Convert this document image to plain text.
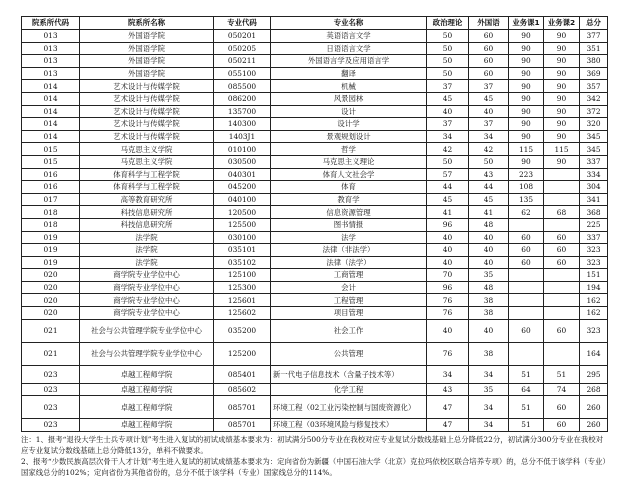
院系所代码	院系所名称	专业代码	专业名称	政治理论	外国语	业务课1	业务课2	总分
013	外国语学院	050201	英语语言文学	50	60	90	90	377
013	外国语学院	050205	日语语言文学	50	60	90	90	351
013	外国语学院	050211	外国语言学及应用语言学	50	60	90	90	380
013	外国语学院	055100	翻译	50	60	90	90	369
014	艺术设计与传媒学院	085500	机械	37	37	90	90	357
014	艺术设计与传媒学院	086200	风景园林	45	45	90	90	342
014	艺术设计与传媒学院	135700	设计	40	40	90	90	372
014	艺术设计与传媒学院	140300	设计学	37	37	90	90	320
014	艺术设计与传媒学院	1403J1	景观规划设计	34	34	90	90	345
015	马克思主义学院	010100	哲学	42	42	115	115	345
015	马克思主义学院	030500	马克思主义理论	50	50	90	90	337
016	体育科学与工程学院	040301	体育人文社会学	57	43	223		334
016	体育科学与工程学院	045200	体育	44	44	108		304
017	高等教育研究所	040100	教育学	45	45	135		341
018	科技信息研究所	120500	信息资源管理	41	41	62	68	368
018	科技信息研究所	125500	图书情报	96	48			225
019	法学院	030100	法学	40	40	60	60	337
019	法学院	035101	法律（非法学）	40	40	60	60	323
019	法学院	035102	法律（法学）	40	40	60	60	323
020	商学院专业学位中心	125100	工商管理	70	35			151
020	商学院专业学位中心	125300	会计	96	48			194
020	商学院专业学位中心	125601	工程管理	76	38			162
020	商学院专业学位中心	125602	项目管理	76	38			162
021	社会与公共管理学院专业学位中心	035200	社会工作	40	40	60	60	323
021	社会与公共管理学院专业学位中心	125200	公共管理	76	38			164
023	卓越工程师学院	085401	新一代电子信息技术（含量子技术等）	34	34	51	51	295
023	卓越工程师学院	085602	化学工程	43	35	64	74	268
023	卓越工程师学院	085701	环境工程（02工业污染控制与国废资源化）	47	34	51	60	260
023	卓越工程师学院	085701	环境工程（03环境风险与修复技术）	47	34	51	60	260
注：1、报考“退役大学生士兵专项计划”考生进入复试的初试成绩基本要求为：初试满分500分专业在我校对应专业复试分数线基础上总分降低22分，初试满分300分专业在我校对应专业复试分数线基础上总分降低13分，单科不做要求。
2、报考“少数民族高层次骨干人才计划”考生进入复试的初试成绩基本要求为：定向省份为新疆（中国石油大学（北京）克拉玛依校区联合培养专项）的，总分不低于该学科（专业）国家线总分的102%；定向省份为其他省份的，总分不低于该学科（专业）国家线总分的114%。
